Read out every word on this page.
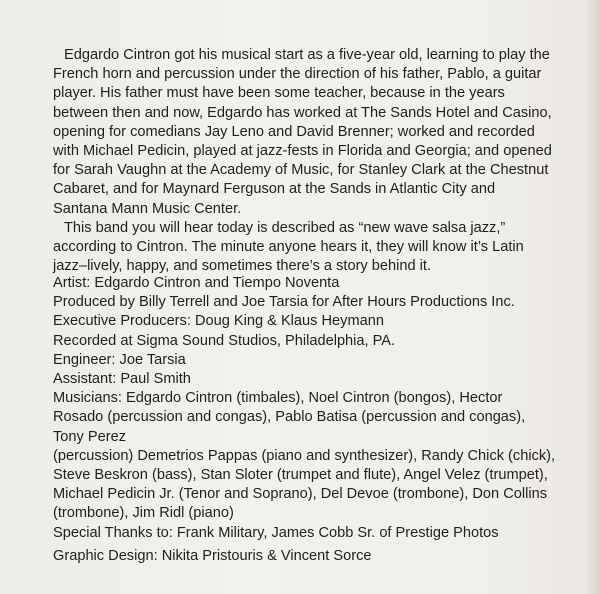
Edgardo Cintron got his musical start as a five-year old, learning to play the
French horn and percussion under the direction of his father, Pablo, a guitar
player. His father must have been some teacher, because in the years
between then and now, Edgardo has worked at The Sands Hotel and Casino,
opening for comedians Jay Leno and David Brenner; worked and recorded
with Michael Pedicin, played at jazz-fests in Florida and Georgia; and opened
for Sarah Vaughn at the Academy of Music, for Stanley Clark at the Chestnut
Cabaret, and for Maynard Ferguson at the Sands in Atlantic City and
Santana Mann Music Center.
This band you will hear today is described as “new wave salsa jazz,”
according to Cintron. The minute anyone hears it, they will know it’s Latin
jazz–lively, happy, and sometimes there’s a story behind it.
Artist: Edgardo Cintron and Tiempo Noventa
Produced by Billy Terrell and Joe Tarsia for After Hours Productions Inc.
Executive Producers: Doug King & Klaus Heymann
Recorded at Sigma Sound Studios, Philadelphia, PA.
Engineer: Joe Tarsia
Assistant: Paul Smith
Musicians: Edgardo Cintron (timbales), Noel Cintron (bongos), Hector
Rosado (percussion and congas), Pablo Batisa (percussion and congas),
Tony Perez
(percussion) Demetrios Pappas (piano and synthesizer), Randy Chick (chick),
Steve Beskron (bass), Stan Sloter (trumpet and flute), Angel Velez (trumpet),
Michael Pedicin Jr. (Tenor and Soprano), Del Devoe (trombone), Don Collins
(trombone), Jim Ridl (piano)
Special Thanks to: Frank Military, James Cobb Sr. of Prestige Photos
Graphic Design: Nikita Pristouris & Vincent Sorce
